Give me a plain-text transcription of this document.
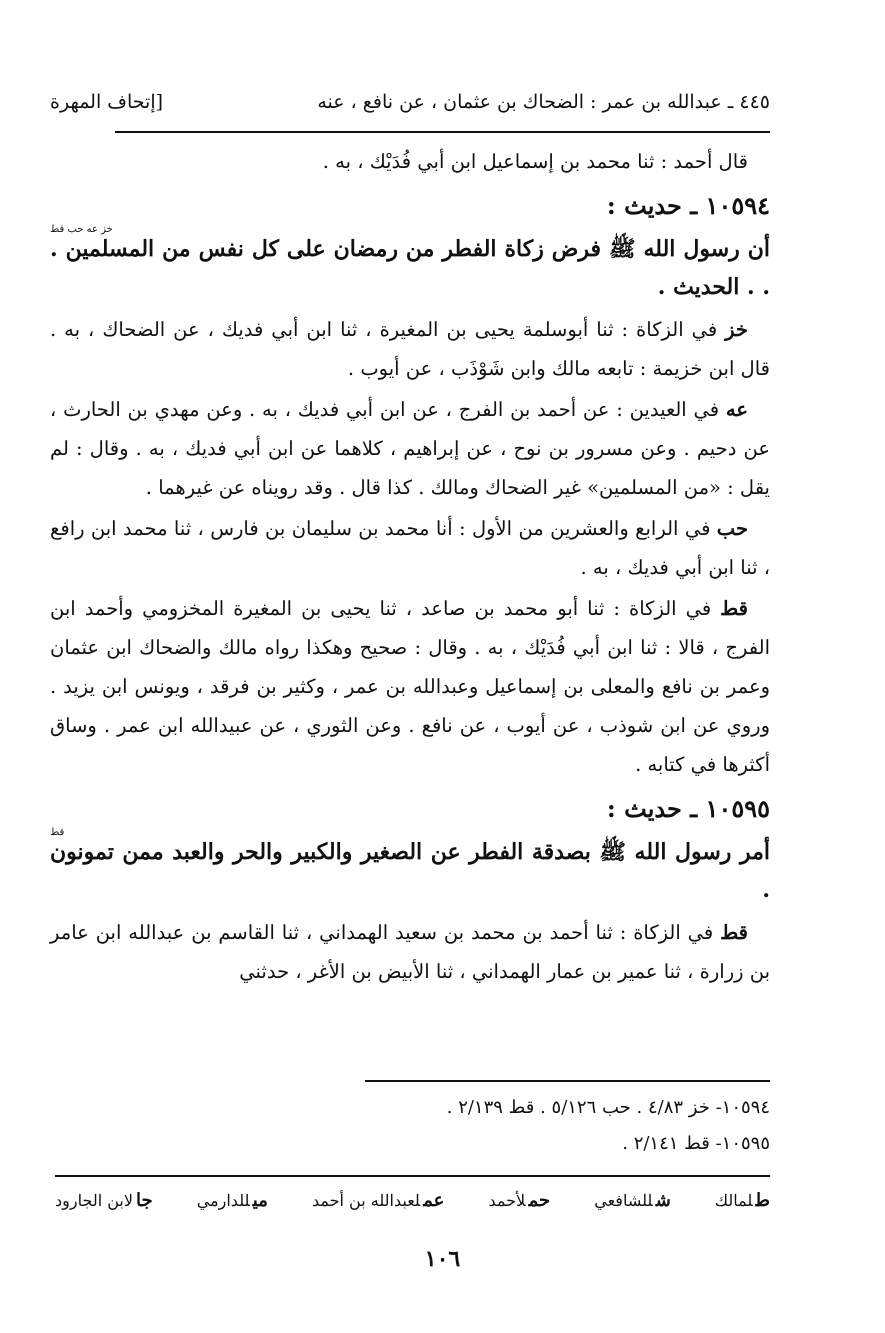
٤٤٥ ـ عبدالله بن عمر : الضحاك بن عثمان ، عن نافع ، عنه
[إتحاف المهرة

قال أحمد : ثنا محمد بن إسماعيل ابن أبي فُدَيْك ، به .

١٠٥٩٤ ـ حديث :
خز عه حب قط
أن رسول الله ﷺ فرض زكاة الفطر من رمضان على كل نفس من المسلمين . . . الحديث .

خز في الزكاة : ثنا أبوسلمة يحيى بن المغيرة ، ثنا ابن أبي فديك ، عن الضحاك ، به . قال ابن خزيمة : تابعه مالك وابن شَوْذَب ، عن أيوب .

عه في العيدين : عن أحمد بن الفرج ، عن ابن أبي فديك ، به . وعن مهدي بن الحارث ، عن دحيم . وعن مسرور بن نوح ، عن إبراهيم ، كلاهما عن ابن أبي فديك ، به . وقال : لم يقل : «من المسلمين» غير الضحاك ومالك . كذا قال . وقد رويناه عن غيرهما .

حب في الرابع والعشرين من الأول : أنا محمد بن سليمان بن فارس ، ثنا محمد ابن رافع ، ثنا ابن أبي فديك ، به .

قط في الزكاة : ثنا أبو محمد بن صاعد ، ثنا يحيى بن المغيرة المخزومي وأحمد ابن الفرج ، قالا : ثنا ابن أبي فُدَيْك ، به . وقال : صحيح وهكذا رواه مالك والضحاك ابن عثمان وعمر بن نافع والمعلى بن إسماعيل وعبدالله بن عمر ، وكثير بن فرقد ، ويونس ابن يزيد . وروي عن ابن شوذب ، عن أيوب ، عن نافع . وعن الثوري ، عن عبيدالله ابن عمر . وساق أكثرها في كتابه .

١٠٥٩٥ ـ حديث :
قط
أمر رسول الله ﷺ بصدقة الفطر عن الصغير والكبير والحر والعبد ممن تمونون .

قط في الزكاة : ثنا أحمد بن محمد بن سعيد الهمداني ، ثنا القاسم بن عبدالله ابن عامر بن زرارة ، ثنا عمير بن عمار الهمداني ، ثنا الأبيض بن الأغر ، حدثني

١٠٥٩٤- خز ٤/٨٣ . حب ٥/١٢٦ . قط ٢/١٣٩ .

١٠٥٩٥- قط ٢/١٤١ .

طلمالك
شللشافعي
حملأحمد
عملعبدالله بن أحمد
ميللدارمي
جالابن الجارود
١٠٦
